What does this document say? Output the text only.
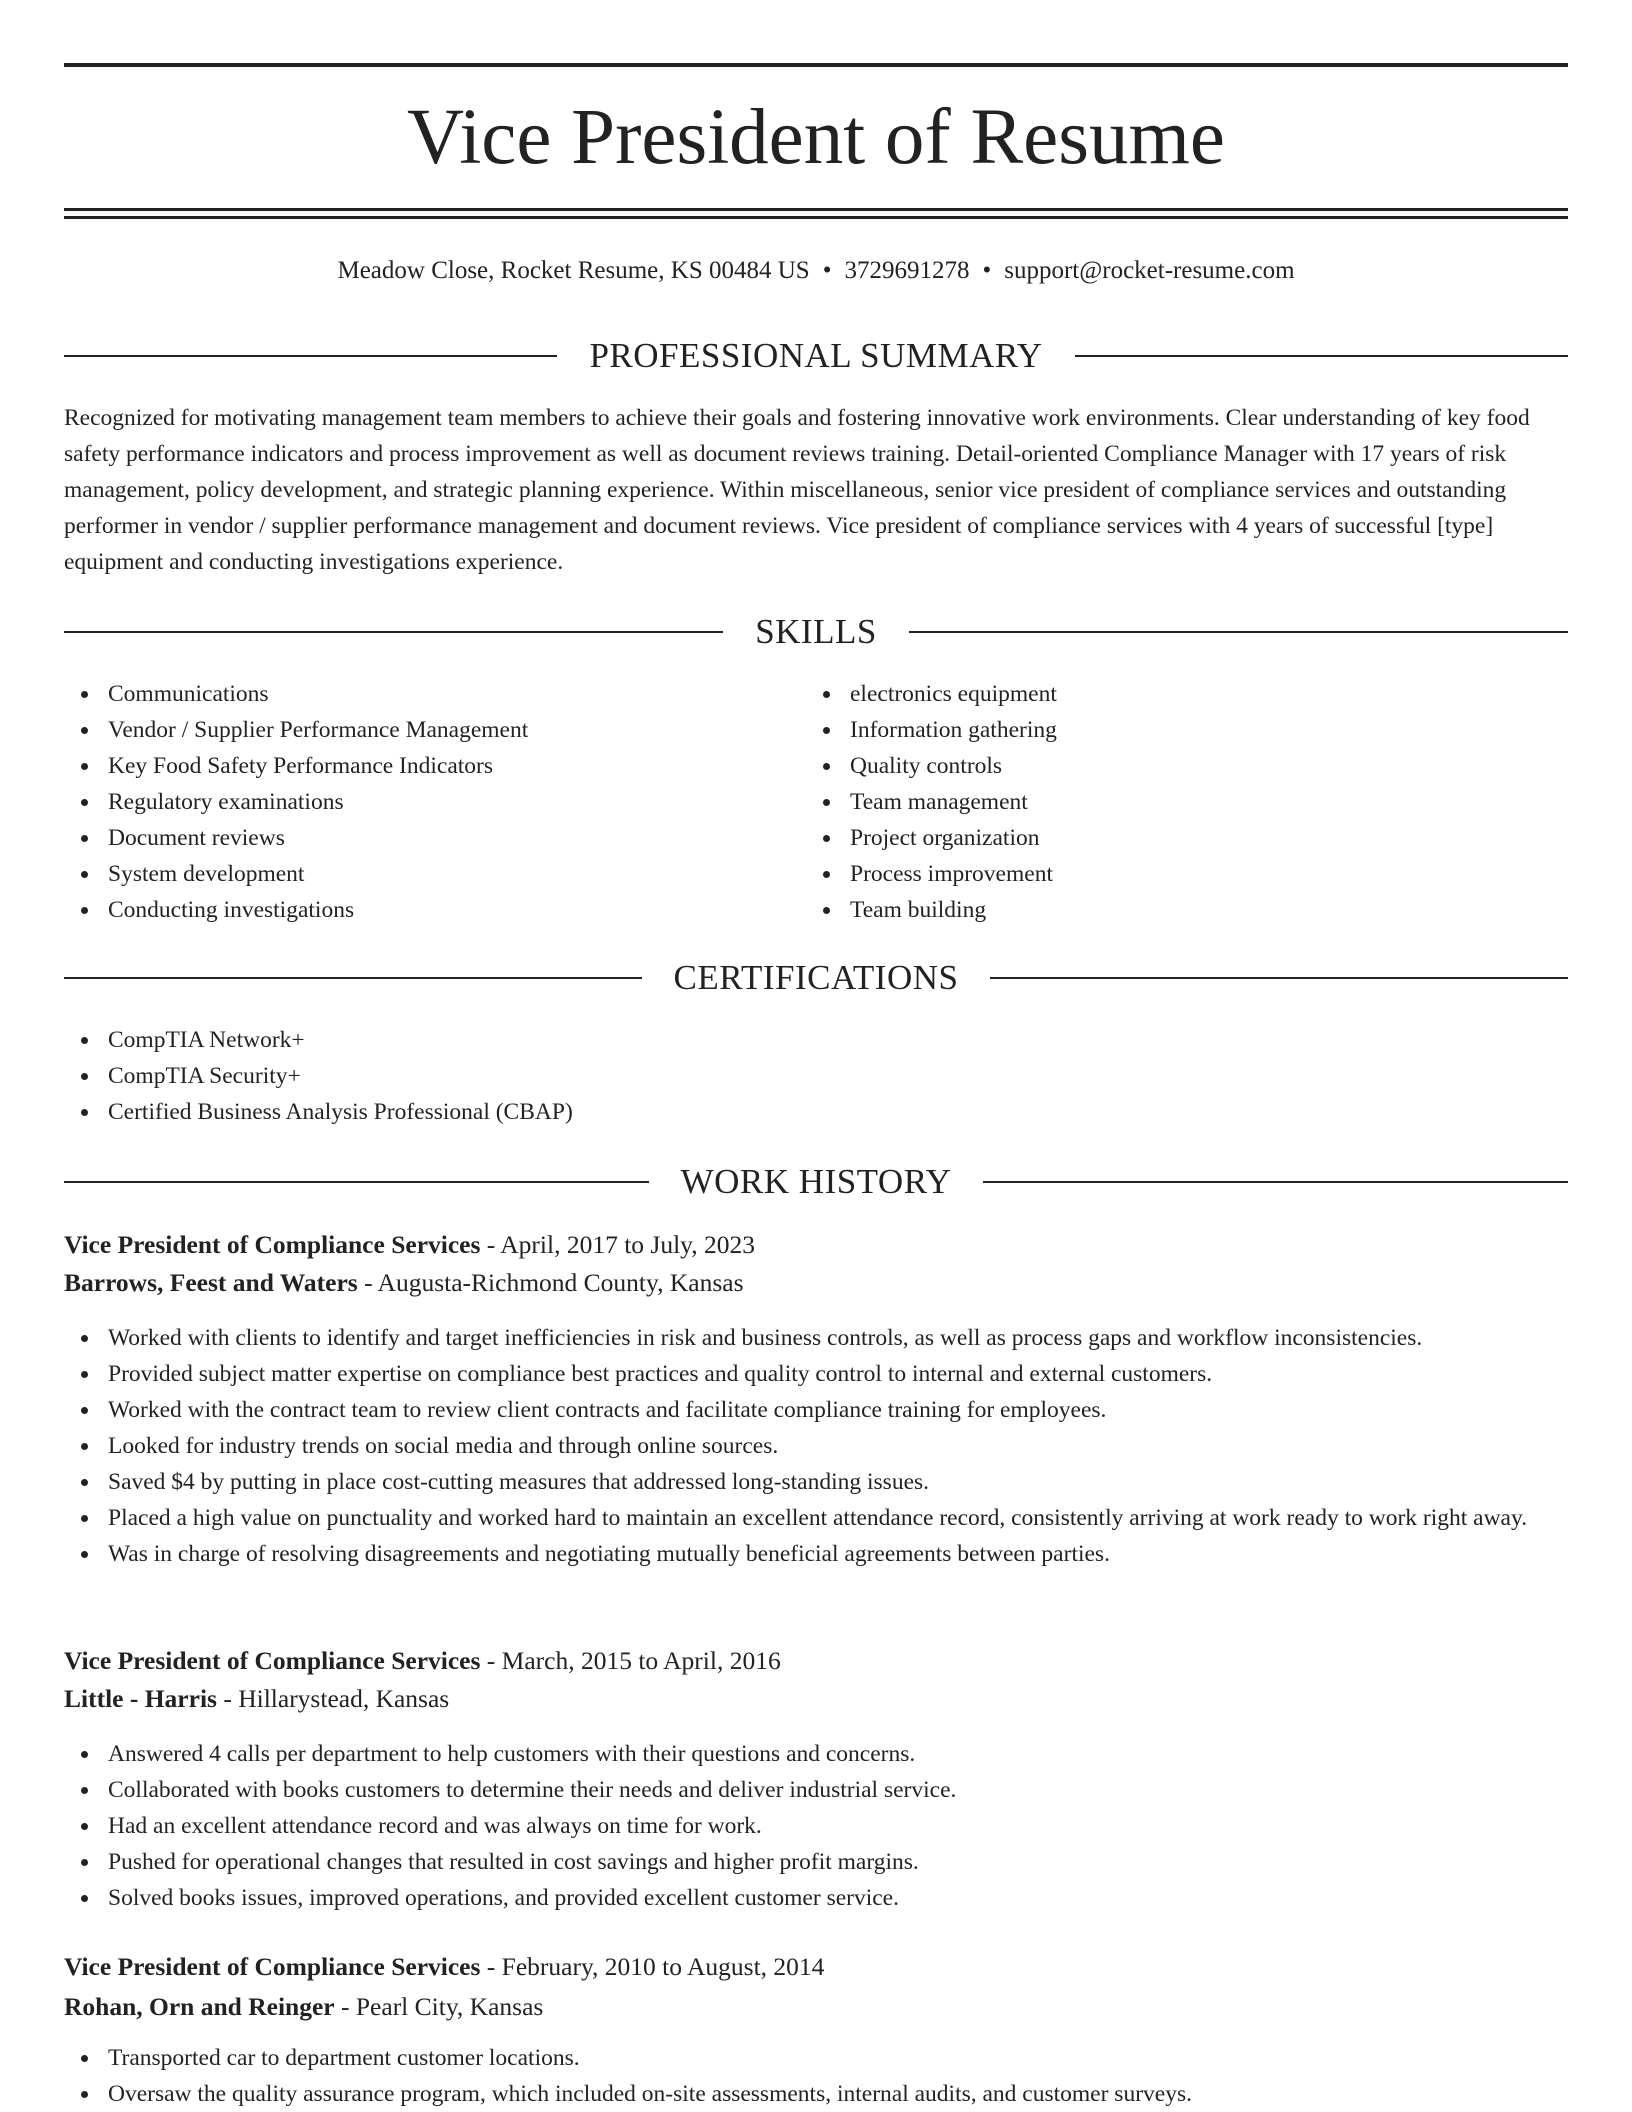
Vice President of Resume
Meadow Close, Rocket Resume, KS 00484 US • 3729691278 • support@rocket-resume.com
PROFESSIONAL SUMMARY

Recognized for motivating management team members to achieve their goals and fostering innovative work environments. Clear understanding of key food safety performance indicators and process improvement as well as document reviews training. Detail-oriented Compliance Manager with 17 years of risk management, policy development, and strategic planning experience. Within miscellaneous, senior vice president of compliance services and outstanding performer in vendor / supplier performance management and document reviews. Vice president of compliance services with 4 years of successful [type] equipment and conducting investigations experience.

SKILLS
Communications
Vendor / Supplier Performance Management
Key Food Safety Performance Indicators
Regulatory examinations
Document reviews
System development
Conducting investigations
electronics equipment
Information gathering
Quality controls
Team management
Project organization
Process improvement
Team building
CERTIFICATIONS
CompTIA Network+
CompTIA Security+
Certified Business Analysis Professional (CBAP)
WORK HISTORY
Vice President of Compliance Services - April, 2017 to July, 2023
Barrows, Feest and Waters - Augusta-Richmond County, Kansas
Worked with clients to identify and target inefficiencies in risk and business controls, as well as process gaps and workflow inconsistencies.
Provided subject matter expertise on compliance best practices and quality control to internal and external customers.
Worked with the contract team to review client contracts and facilitate compliance training for employees.
Looked for industry trends on social media and through online sources.
Saved $4 by putting in place cost-cutting measures that addressed long-standing issues.
Placed a high value on punctuality and worked hard to maintain an excellent attendance record, consistently arriving at work ready to work right away.
Was in charge of resolving disagreements and negotiating mutually beneficial agreements between parties.
Vice President of Compliance Services - March, 2015 to April, 2016
Little - Harris - Hillarystead, Kansas
Answered 4 calls per department to help customers with their questions and concerns.
Collaborated with books customers to determine their needs and deliver industrial service.
Had an excellent attendance record and was always on time for work.
Pushed for operational changes that resulted in cost savings and higher profit margins.
Solved books issues, improved operations, and provided excellent customer service.
Vice President of Compliance Services - February, 2010 to August, 2014
Rohan, Orn and Reinger - Pearl City, Kansas
Transported car to department customer locations.
Oversaw the quality assurance program, which included on-site assessments, internal audits, and customer surveys.
